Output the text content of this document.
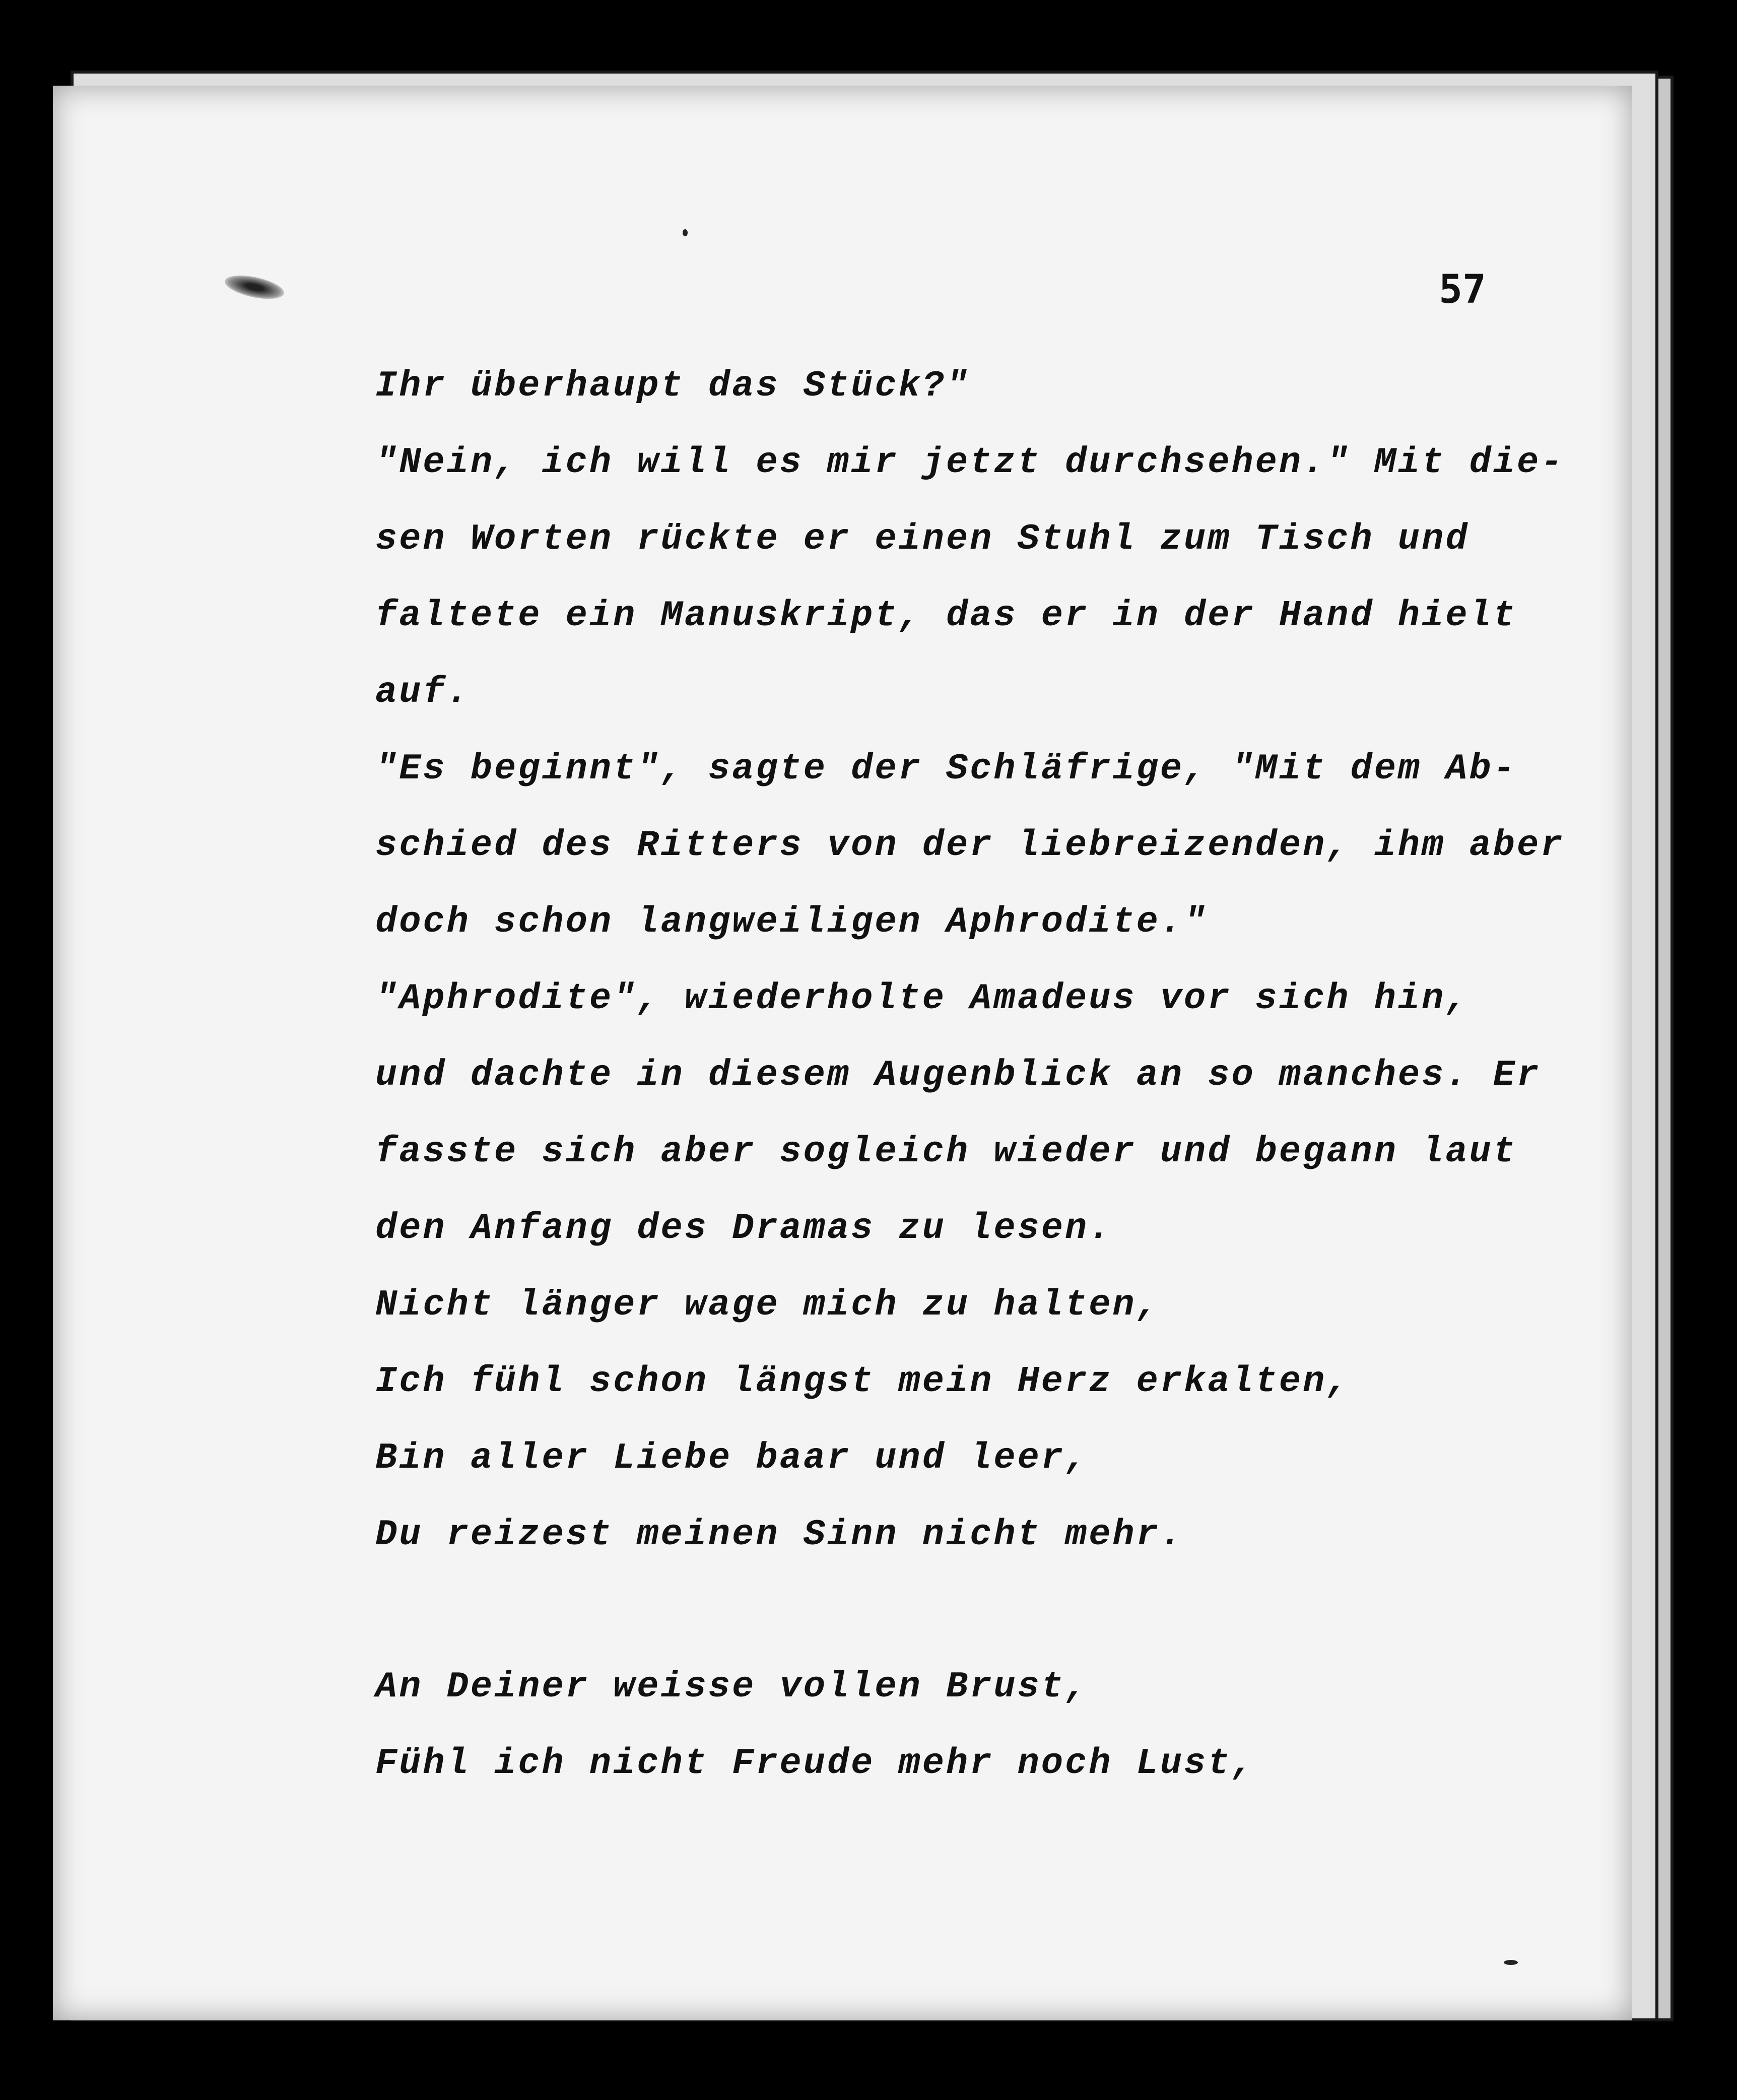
57
Ihr überhaupt das Stück?"
"Nein, ich will es mir jetzt durchsehen." Mit die-
sen Worten rückte er einen Stuhl zum Tisch und
faltete ein Manuskript, das er in der Hand hielt
auf.
"Es beginnt", sagte der Schläfrige, "Mit dem Ab-
schied des Ritters von der liebreizenden, ihm aber
doch schon langweiligen Aphrodite."
"Aphrodite", wiederholte Amadeus vor sich hin,
und dachte in diesem Augenblick an so manches. Er
fasste sich aber sogleich wieder und begann laut
den Anfang des Dramas zu lesen.
Nicht länger wage mich zu halten,
Ich fühl schon längst mein Herz erkalten,
Bin aller Liebe baar und leer,
Du reizest meinen Sinn nicht mehr.
An Deiner weisse vollen Brust,
Fühl ich nicht Freude mehr noch Lust,
